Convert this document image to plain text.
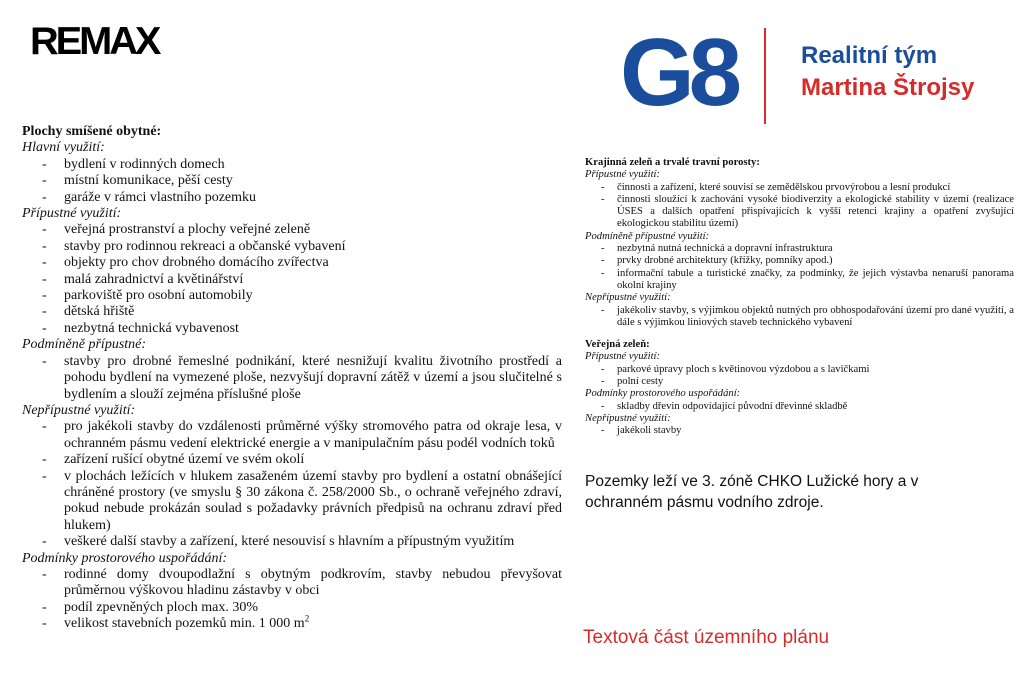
REMAX	G8	Realitní tým
Martina Štrojsy
Plochy smíšené obytné:
Hlavní využití:
-	bydlení v rodinných domech
-	místní komunikace, pěší cesty
-	garáže v rámci vlastního pozemku
Přípustné využití:
-	veřejná prostranství a plochy veřejné zeleně
-	stavby pro rodinnou rekreaci a občanské vybavení
-	objekty pro chov drobného domácího zvířectva
-	malá zahradnictví a květinářství
-	parkoviště pro osobní automobily
-	dětská hřiště
-	nezbytná technická vybavenost
Podmíněně přípustné:
-	stavby pro drobné řemeslné podnikání, které nesnižují kvalitu životního prostředí a pohodu bydlení na vymezené ploše, nezvyšují dopravní zátěž v území a jsou slučitelné s bydlením a slouží zejména příslušné ploše
Nepřípustné využití:
-	pro jakékoli stavby do vzdálenosti průměrné výšky stromového patra od okraje lesa, v ochranném pásmu vedení elektrické energie a v manipulačním pásu podél vodních toků
-	zařízení rušící obytné území ve svém okolí
-	v plochách ležících v hlukem zasaženém území stavby pro bydlení a ostatní obnášející chráněné prostory (ve smyslu § 30 zákona č. 258/2000 Sb., o ochraně veřejného zdraví, pokud nebude prokázán soulad s požadavky právních předpisů na ochranu zdraví před hlukem)
-	veškeré další stavby a zařízení, které nesouvisí s hlavním a přípustným využitím
Podmínky prostorového uspořádání:
-	rodinné domy dvoupodlažní s obytným podkrovím, stavby nebudou převyšovat průměrnou výškovou hladinu zástavby v obci
-	podíl zpevněných ploch max. 30%
-	velikost stavebních pozemků min. 1 000 $m^2$
Krajinná zeleň a trvalé travní porosty:
Přípustné využití:
-	činnosti a zařízení, které souvisí se zemědělskou prvovýrobou a lesní produkcí
-	činnosti sloužící k zachování vysoké biodiverzity a ekologické stability v území (realizace ÚSES a dalších opatření přispívajících k vyšší retenci krajiny a opatření zvyšující ekologickou stabilitu území)
Podmíněně přípustné využití:
-	nezbytná nutná technická a dopravní infrastruktura
-	prvky drobné architektury (křížky, pomníky apod.)
-	informační tabule a turistické značky, za podmínky, že jejich výstavba nenaruší panorama okolní krajiny
Nepřípustné využití:
-	jakékoliv stavby, s výjimkou objektů nutných pro obhospodařování území pro dané využití, a dále s výjimkou liniových staveb technického vybavení
Veřejná zeleň:
Přípustné využití:
-	parkové úpravy ploch s květinovou výzdobou a s lavičkami
-	polní cesty
Podmínky prostorového uspořádání:
-	skladby dřevin odpovídající původní dřevinné skladbě
Nepřípustné využití:
-	jakékoli stavby
Pozemky leží ve 3. zóně CHKO Lužické hory a v ochranném pásmu vodního zdroje.
Textová část územního plánu
